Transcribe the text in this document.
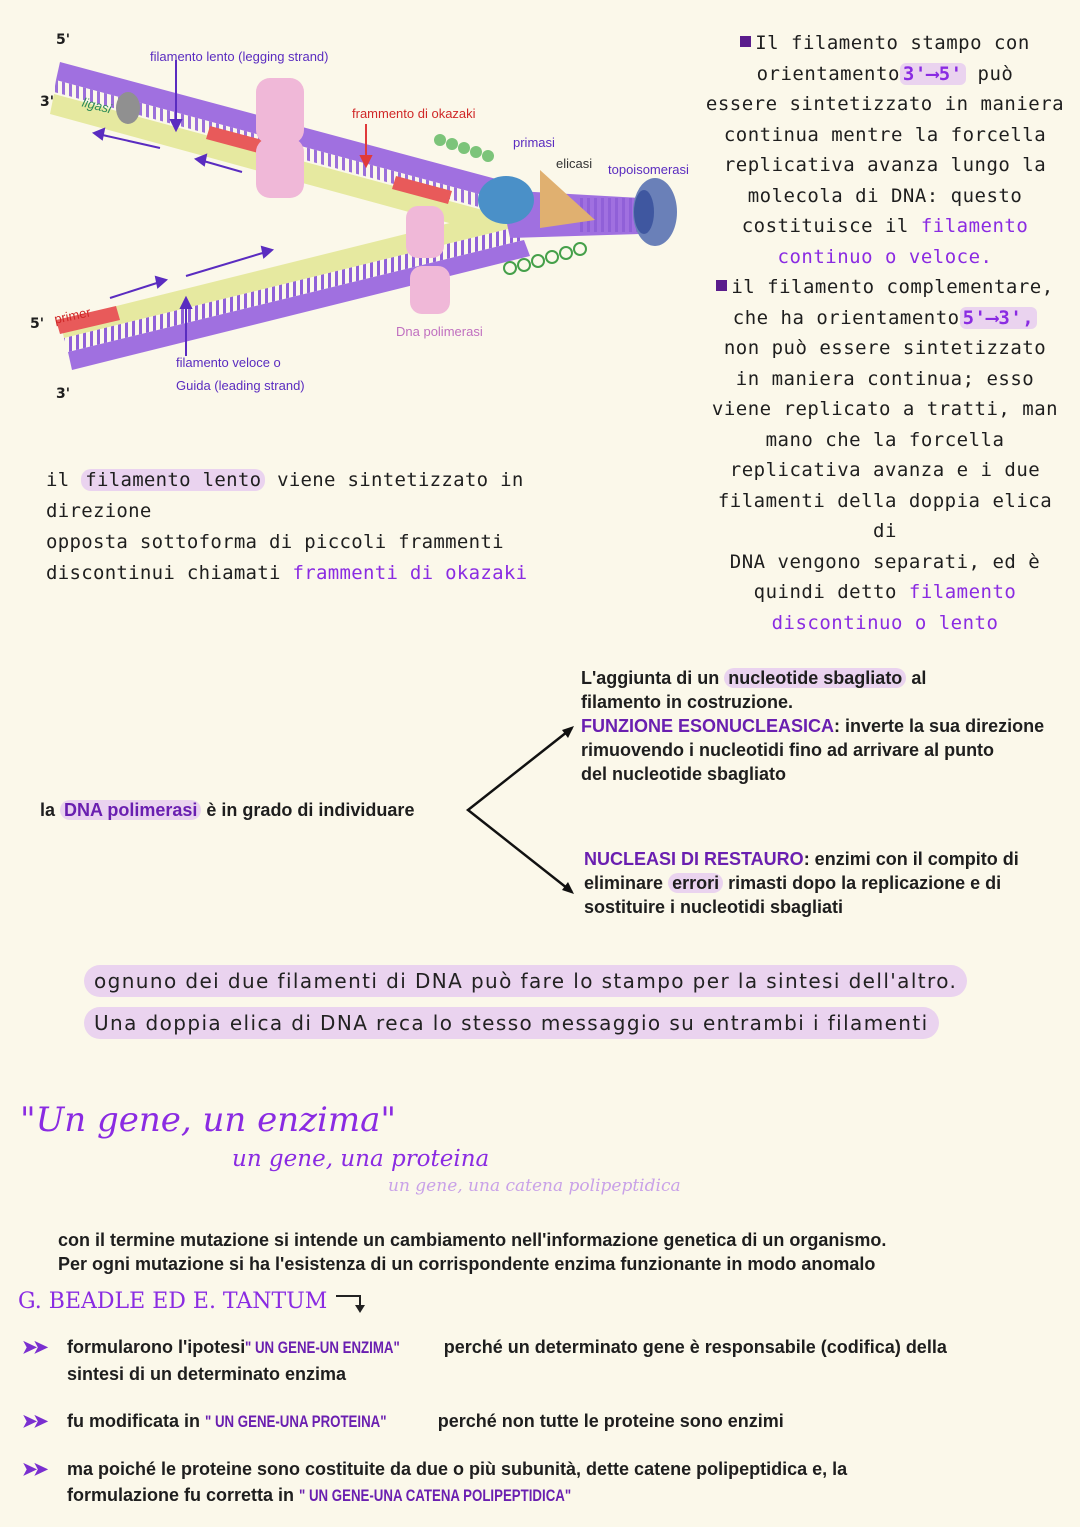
5'
3'
filamento lento (legging strand)
ligasi	frammento di okazaki
primasi
elicasi topoisomerasi
5' primer
3'
Dna polimerasi
filamento veloce o
Guida (leading strand)
Il filamento stampo con
orientamento 3'⟶5' può
essere sintetizzato in maniera
continua mentre la forcella
replicativa avanza lungo la
molecola di DNA: questo
costituisce il filamento
continuo o veloce.
il filamento complementare,
che ha orientamento 5'⟶3',
non può essere sintetizzato
in maniera continua; esso
viene replicato a tratti, man
mano che la forcella
replicativa avanza e i due
filamenti della doppia elica di
DNA vengono separati, ed è
quindi detto filamento
discontinuo o lento
il filamento lento viene sintetizzato in direzione
opposta sottoforma di piccoli frammenti
discontinui chiamati frammenti di okazaki
la DNA polimerasi è in grado di individuare
L'aggiunta di un nucleotide sbagliato al
filamento in costruzione.
FUNZIONE ESONUCLEASICA: inverte la sua direzione
rimuovendo i nucleotidi fino ad arrivare al punto
del nucleotide sbagliato
NUCLEASI DI RESTAURO: enzimi con il compito di
eliminare errori rimasti dopo la replicazione e di
sostituire i nucleotidi sbagliati
ognuno dei due filamenti di DNA può fare lo stampo per la sintesi dell'altro.
Una doppia elica di DNA reca lo stesso messaggio su entrambi i filamenti
"Un gene, un enzima"
un gene, una proteina
un gene, una catena polipeptidica
con il termine mutazione si intende un cambiamento nell'informazione genetica di un organismo.
Per ogni mutazione si ha l'esistenza di un corrispondente enzima funzionante in modo anomalo
G. BEADLE ED E. TANTUM
➤➤ formularono l'ipotesi" UN GENE-UN ENZIMA" perché un determinato gene è responsabile (codifica) della
sintesi di un determinato enzima
➤➤ fu modificata in " UN GENE-UNA PROTEINA"	perché non tutte le proteine sono enzimi
➤➤ ma poiché le proteine sono costituite da due o più subunità, dette catene polipeptidica e, la
formulazione fu corretta in " UN GENE-UNA CATENA POLIPEPTIDICA"
